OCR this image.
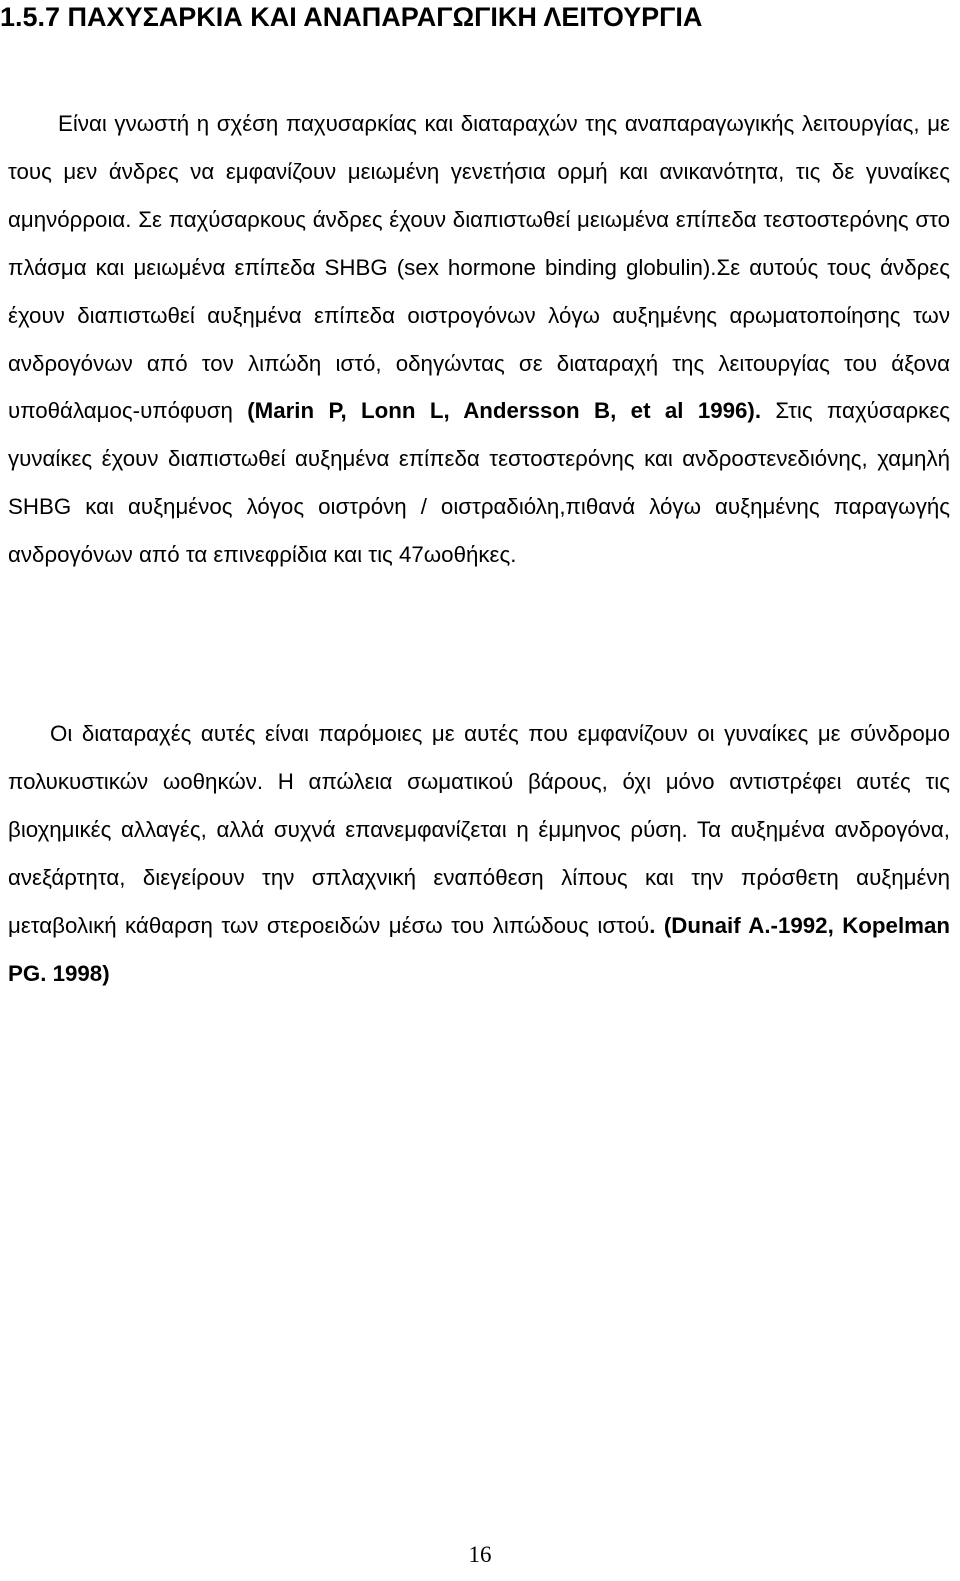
1.5.7 ΠΑΧΥΣΑΡΚΙΑ ΚΑΙ ΑΝΑΠΑΡΑΓΩΓΙΚΗ ΛΕΙΤΟΥΡΓΙΑ

Είναι γνωστή η σχέση παχυσαρκίας και διαταραχών της αναπαραγωγικής λειτουργίας, με τους μεν άνδρες να εμφανίζουν μειωμένη γενετήσια ορμή και ανικανότητα, τις δε γυναίκες αμηνόρροια. Σε παχύσαρκους άνδρες έχουν διαπιστωθεί μειωμένα επίπεδα τεστοστερόνης στο πλάσμα και μειωμένα επίπεδα SHBG (sex hormone binding globulin).Σε αυτούς τους άνδρες έχουν διαπιστωθεί αυξημένα επίπεδα οιστρογόνων λόγω αυξημένης αρωματοποίησης των ανδρογόνων από τον λιπώδη ιστό, οδηγώντας σε διαταραχή της λειτουργίας του άξονα υποθάλαμος-υπόφυση (Marin P, Lonn L, Andersson B, et al 1996). Στις παχύσαρκες γυναίκες έχουν διαπιστωθεί αυξημένα επίπεδα τεστοστερόνης και ανδροστενεδιόνης, χαμηλή SHBG και αυξημένος λόγος οιστρόνη / οιστραδιόλη,πιθανά λόγω αυξημένης παραγωγής ανδρογόνων από τα επινεφρίδια και τις 47ωοθήκες.

Οι διαταραχές αυτές είναι παρόμοιες με αυτές που εμφανίζουν οι γυναίκες με σύνδρομο πολυκυστικών ωοθηκών. Η απώλεια σωματικού βάρους, όχι μόνο αντιστρέφει αυτές τις βιοχημικές αλλαγές, αλλά συχνά επανεμφανίζεται η έμμηνος ρύση. Τα αυξημένα ανδρογόνα, ανεξάρτητα, διεγείρουν την σπλαχνική εναπόθεση λίπους και την πρόσθετη αυξημένη μεταβολική κάθαρση των στεροειδών μέσω του λιπώδους ιστού. (Dunaif A.-1992, Kopelman PG. 1998)

16
